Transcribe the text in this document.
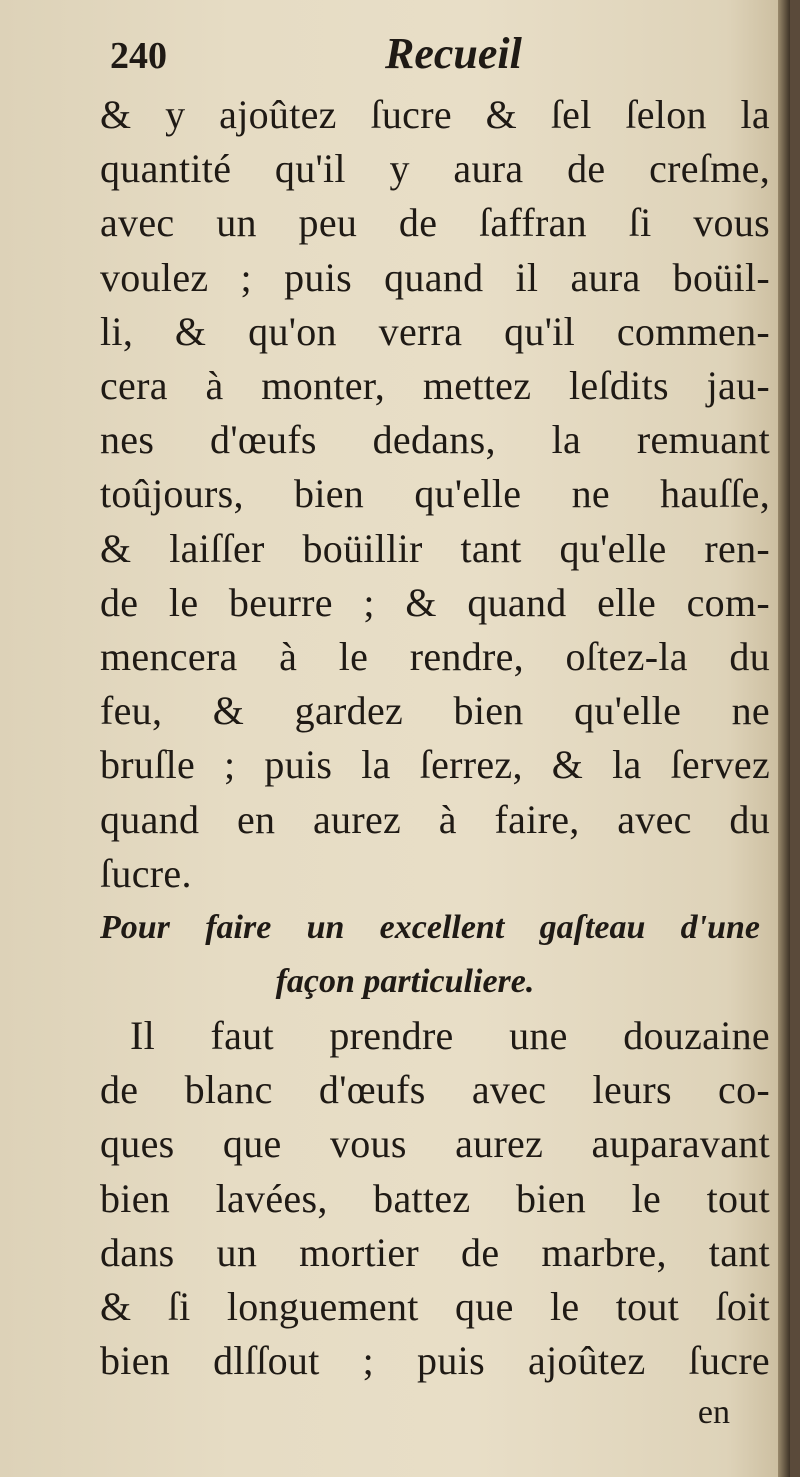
240	Recueil
& y ajoûtez ſucre & ſel ſelon la
quantité qu'il y aura de creſme,
avec un peu de ſaffran ſi vous
voulez ; puis quand il aura boüil-
li, & qu'on verra qu'il commen-
cera à monter, mettez leſdits jau-
nes d'œufs dedans, la remuant
toûjours, bien qu'elle ne hauſſe,
& laiſſer boüillir tant qu'elle ren-
de le beurre ; & quand elle com-
mencera à le rendre, oſtez-la du
feu, & gardez bien qu'elle ne
bruſle ; puis la ſerrez, & la ſervez
quand en aurez à faire, avec du
ſucre.
Pour faire un excellent gaſteau d'une
façon particuliere.
Il faut prendre une douzaine
de blanc d'œufs avec leurs co-
ques que vous aurez auparavant
bien lavées, battez bien le tout
dans un mortier de marbre, tant
& ſi longuement que le tout ſoit
bien dlſſout ; puis ajoûtez ſucre
en
